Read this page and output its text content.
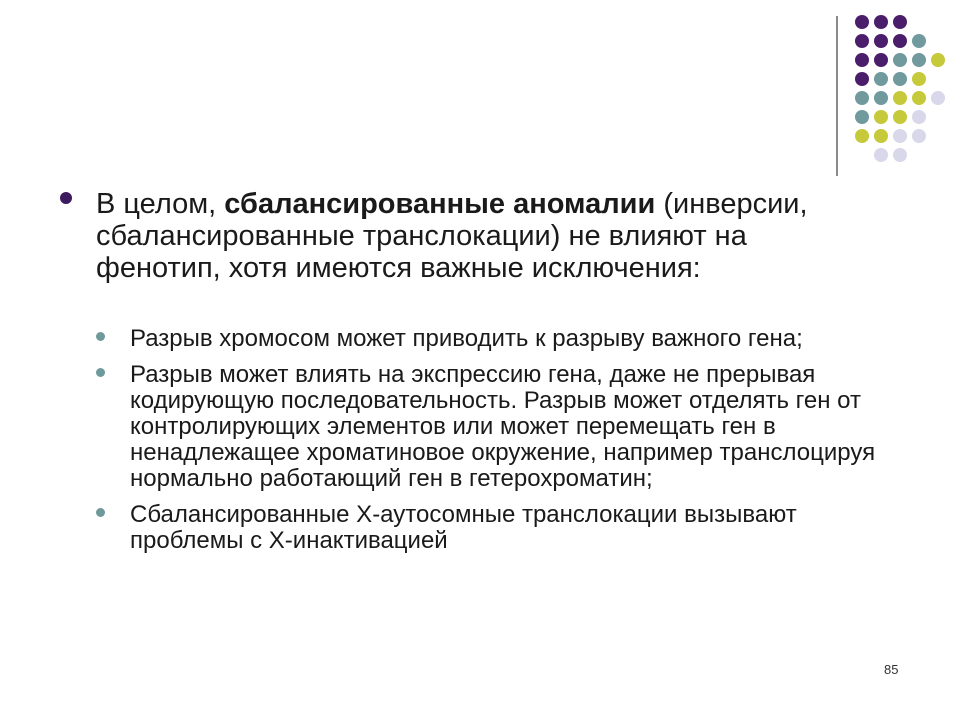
В целом, сбалансированные аномалии (инверсии, сбалансированные транслокации) не влияют на фенотип, хотя имеются важные исключения:
Разрыв хромосом может приводить к разрыву важного гена;
Разрыв может влиять на экспрессию гена, даже не прерывая кодирующую последовательность. Разрыв может отделять ген от контролирующих элементов или может перемещать ген в ненадлежащее хроматиновое окружение, например транслоцируя нормально работающий ген в гетерохроматин;
Сбалансированные Х-аутосомные транслокации вызывают проблемы с Х-инактивацией
85
